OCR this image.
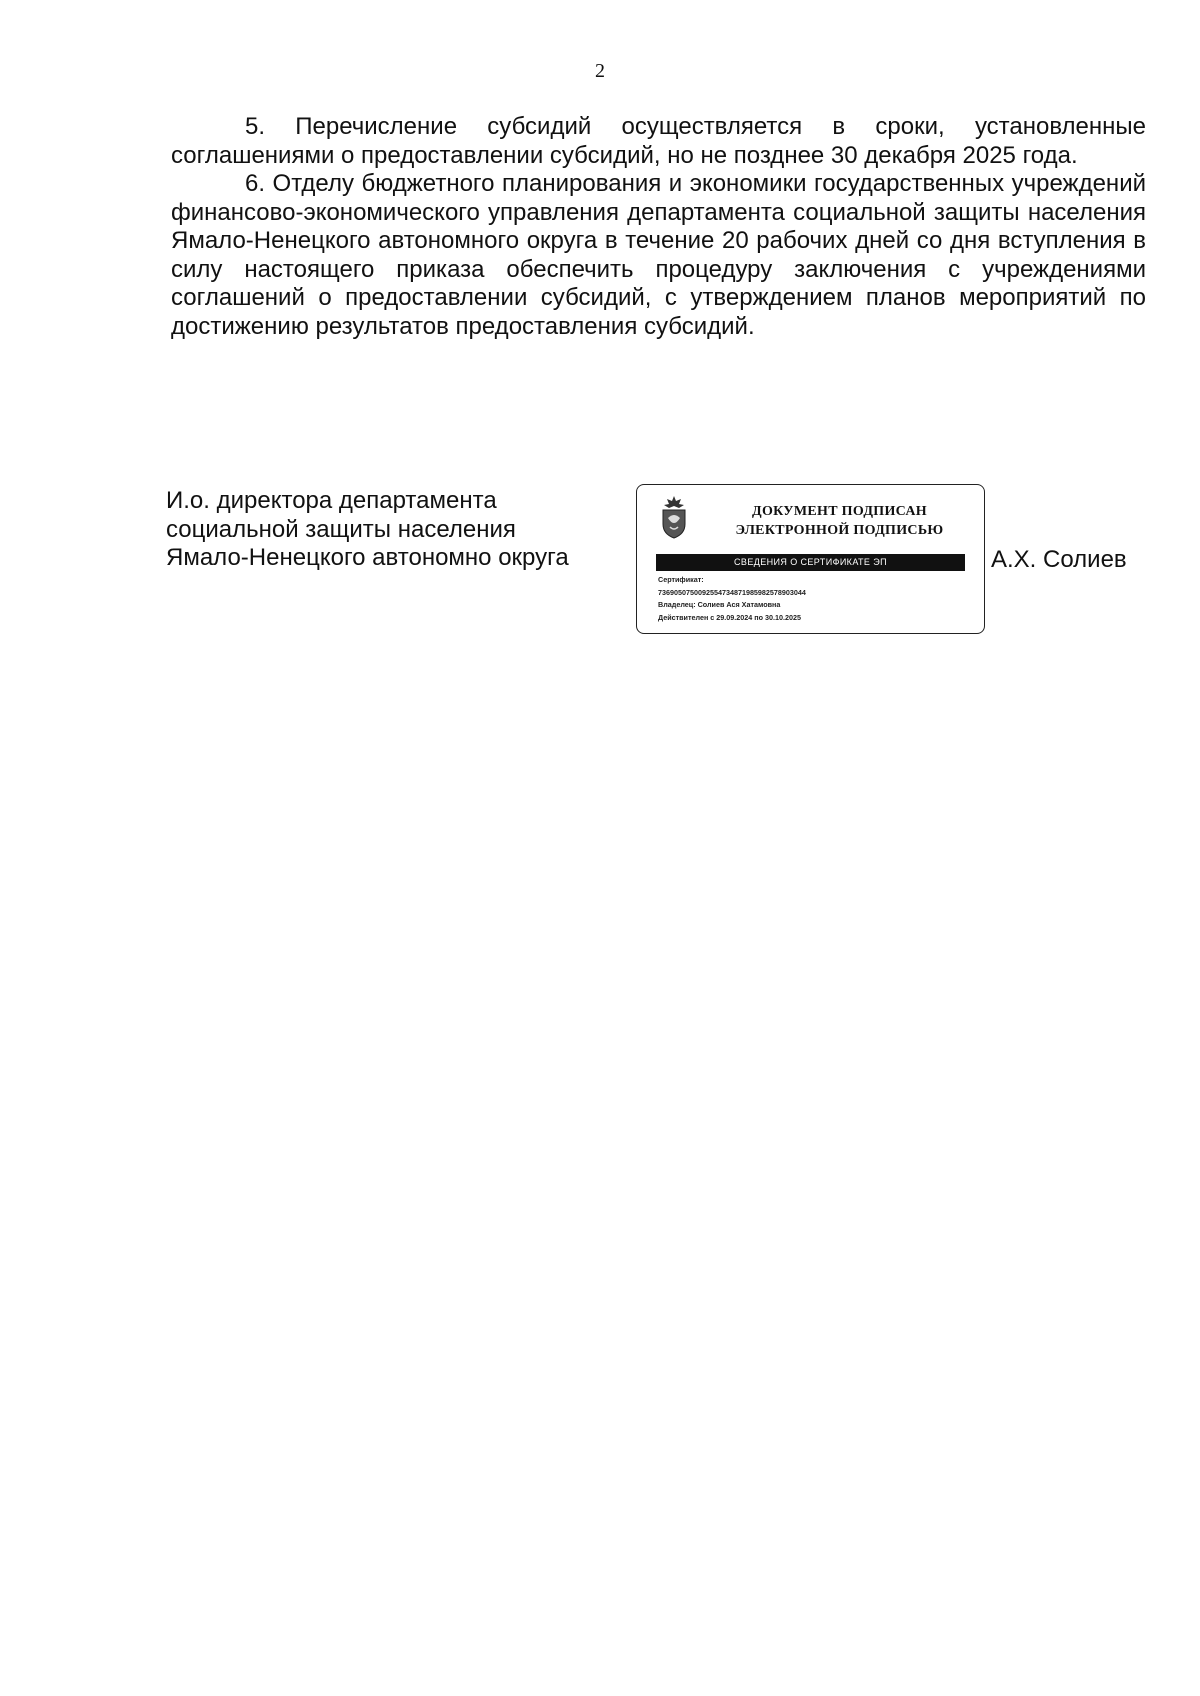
2

5. Перечисление субсидий осуществляется в сроки, установленные соглашениями о предоставлении субсидий, но не позднее 30 декабря 2025 года.

6. Отделу бюджетного планирования и экономики государственных учреждений финансово-экономического управления департамента социальной защиты населения Ямало-Ненецкого автономного округа в течение 20 рабочих дней со дня вступления в силу настоящего приказа обеспечить процедуру заключения с учреждениями соглашений о предоставлении субсидий, с утверждением планов мероприятий по достижению результатов предоставления субсидий.

И.о. директора департамента
социальной защиты населения
Ямало-Ненецкого автономно округа
ДОКУМЕНТ ПОДПИСАН
ЭЛЕКТРОННОЙ ПОДПИСЬЮ
СВЕДЕНИЯ О СЕРТИФИКАТЕ ЭП
Сертификат:
7369050750092554734871985982578903044
Владелец: Солиев Ася Хатамовна
Действителен с 29.09.2024 по 30.10.2025
А.Х. Солиев
